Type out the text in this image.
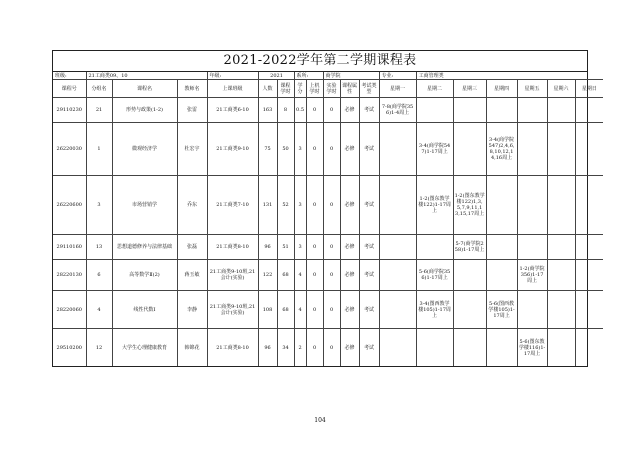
2021-2022学年第二学期课程表
班级:	21工商类09、10			年级:	2021		系所:		商学院			专业:	工商管理类					
课程号	分组名	课程名	教师名	上课班级	人数	课程学时	学分	上机学时	实验学时	课程属性	考试类型	星期一	星期二	星期三	星期四	星期五	星期六	星期日
29110230	21	形势与政策(1-2)	张雷	21工商类6-10	163	8	0.5	0	0	必修	考试	7-8(商学院356)1-4周上						
26220030	1	微观经济学	杜宏宇	21工商类9-10	75	50	3	0	0	必修	考试		3-4(商学院547)1-17周上		3-4(商学院547)2,4,6,8,10,12,14,16周上			
26220600	3	市场营销学	乔东	21工商类7-10	131	52	3	0	0	必修	考试		1-2(图东教学楼122)1-17周上	1-2(图东教学楼122)1,3,5,7,9,11,13,15,17周上				
29110160	13	思想道德修养与法律基础	张磊	21工商类8-10	96	51	3	0	0	必修	考试			5-7(商学院258)1-17周上				
28220130	6	高等数学Ⅱ(2)	蒋玉敏	21工商类9-10班,21会计(实验)	122	68	4	0	0	必修	考试		5-6(商学院356)1-17周上			1-2(商学院356)1-17周上		
28220060	4	线性代数Ⅰ	李静	21工商类9-10班,21会计(实验)	108	68	4	0	0	必修	考试		3-4(图西教学楼105)1-17周上		5-6(图西教学楼105)1-17周上			
29510200	12	大学生心理健康教育	韩锦花	21工商类8-10	96	34	2	0	0	必修	考试					5-6(图东教学楼116)1-17周上		
104
